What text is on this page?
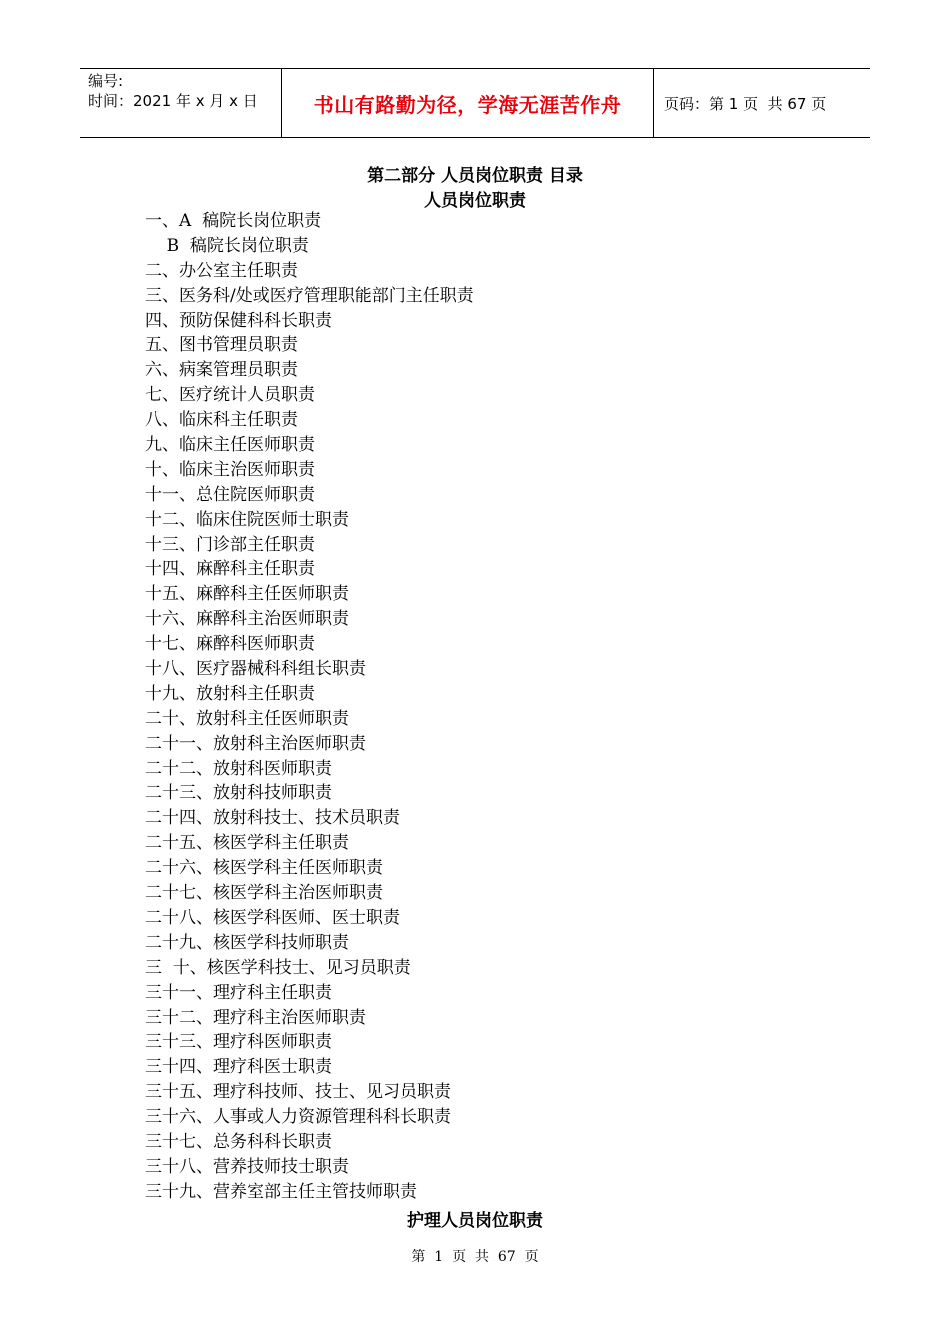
编号:
时间：2021 年 x 月 x 日	书山有路勤为径，学海无涯苦作舟	页码：第 1 页  共 67 页
第二部分 人员岗位职责 目录
人员岗位职责
一、A  稿院长岗位职责
B  稿院长岗位职责
二、办公室主任职责
三、医务科/处或医疗管理职能部门主任职责
四、预防保健科科长职责
五、图书管理员职责
六、病案管理员职责
七、医疗统计人员职责
八、临床科主任职责
九、临床主任医师职责
十、临床主治医师职责
十一、总住院医师职责
十二、临床住院医师士职责
十三、门诊部主任职责
十四、麻醉科主任职责
十五、麻醉科主任医师职责
十六、麻醉科主治医师职责
十七、麻醉科医师职责
十八、医疗器械科科组长职责
十九、放射科主任职责
二十、放射科主任医师职责
二十一、放射科主治医师职责
二十二、放射科医师职责
二十三、放射科技师职责
二十四、放射科技士、技术员职责
二十五、核医学科主任职责
二十六、核医学科主任医师职责
二十七、核医学科主治医师职责
二十八、核医学科医师、医士职责
二十九、核医学科技师职责
三  十、核医学科技士、见习员职责
三十一、理疗科主任职责
三十二、理疗科主治医师职责
三十三、理疗科医师职责
三十四、理疗科医士职责
三十五、理疗科技师、技士、见习员职责
三十六、人事或人力资源管理科科长职责
三十七、总务科科长职责
三十八、营养技师技士职责
三十九、营养室部主任主管技师职责
护理人员岗位职责
第  1  页  共  67  页
